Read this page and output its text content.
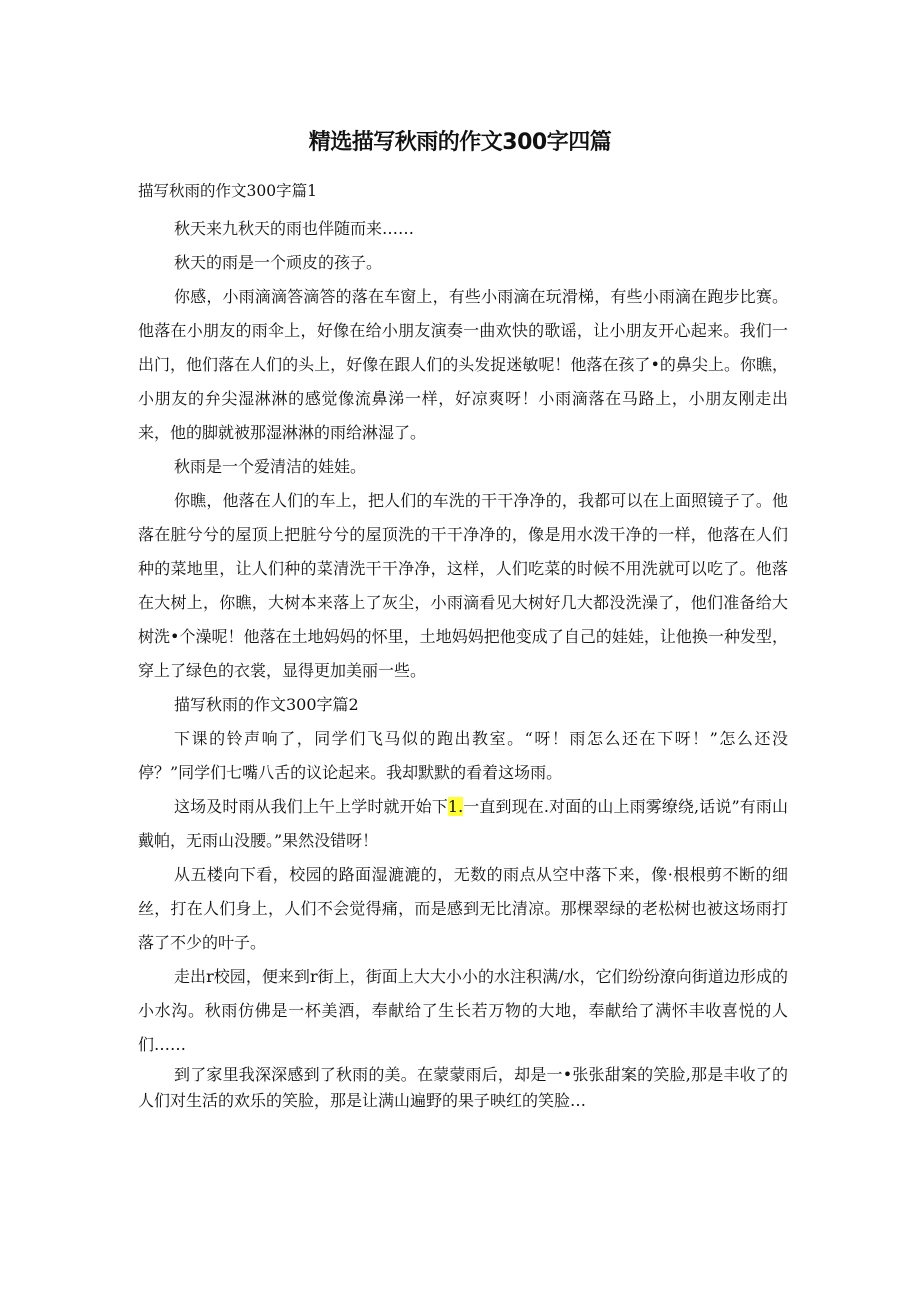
精选描写秋雨的作文300字四篇
描写秋雨的作文300字篇1

秋天来九秋天的雨也伴随而来……

秋天的雨是一个顽皮的孩子。

你感，小雨滴滴答滴答的落在车窗上，有些小雨滴在玩滑梯，有些小雨滴在跑步比赛。他落在小朋友的雨伞上，好像在给小朋友演奏一曲欢快的歌谣，让小朋友开心起来。我们一出门，他们落在人们的头上，好像在跟人们的头发捉迷敏呢！他落在孩了•的鼻尖上。你瞧，小朋友的弁尖湿淋淋的感觉像流鼻涕一样，好凉爽呀！小雨滴落在马路上，小朋友刚走出来，他的脚就被那湿淋淋的雨给淋湿了。

秋雨是一个爱清洁的娃娃。

你瞧，他落在人们的车上，把人们的车洗的干干净净的，我都可以在上面照镜子了。他落在脏兮兮的屋顶上把脏兮兮的屋顶洗的干干净净的，像是用水泼干净的一样，他落在人们种的菜地里，让人们种的菜清洗干干净净，这样，人们吃菜的时候不用洗就可以吃了。他落在大树上，你瞧，大树本来落上了灰尘，小雨滴看见大树好几大都没洗澡了，他们准备给大树洗•个澡呢！他落在土地妈妈的怀里，土地妈妈把他变成了自己的娃娃，让他换一种发型，穿上了绿色的衣裳，显得更加美丽一些。

描写秋雨的作文300字篇2

下课的铃声响了，同学们飞马似的跑出教室。“呀！雨怎么还在下呀！”怎么还没停？”同学们七嘴八舌的议论起来。我却默默的看着这场雨。

这场及时雨从我们上午上学时就开始下1.一直到现在.对面的山上雨雾缭绕,话说”有雨山戴帕，无雨山没腰。”果然没错呀！

从五楼向下看，校园的路面湿漉漉的，无数的雨点从空中落下来，像·根根剪不断的细丝，打在人们身上，人们不会觉得痛，而是感到无比清凉。那棵翠绿的老松树也被这场雨打落了不少的叶子。

走出r校园，便来到r街上，街面上大大小小的水注积满/水，它们纷纷潦向街道边形成的小水沟。秋雨仿佛是一杯美酒，奉献给了生长若万物的大地，奉献给了满怀丰收喜悦的人们……

到了家里我深深感到了秋雨的美。在蒙蒙雨后，却是一•张张甜案的笑脸,那是丰收了的人们对生活的欢乐的笑脸，那是让满山遍野的果子映红的笑脸…
